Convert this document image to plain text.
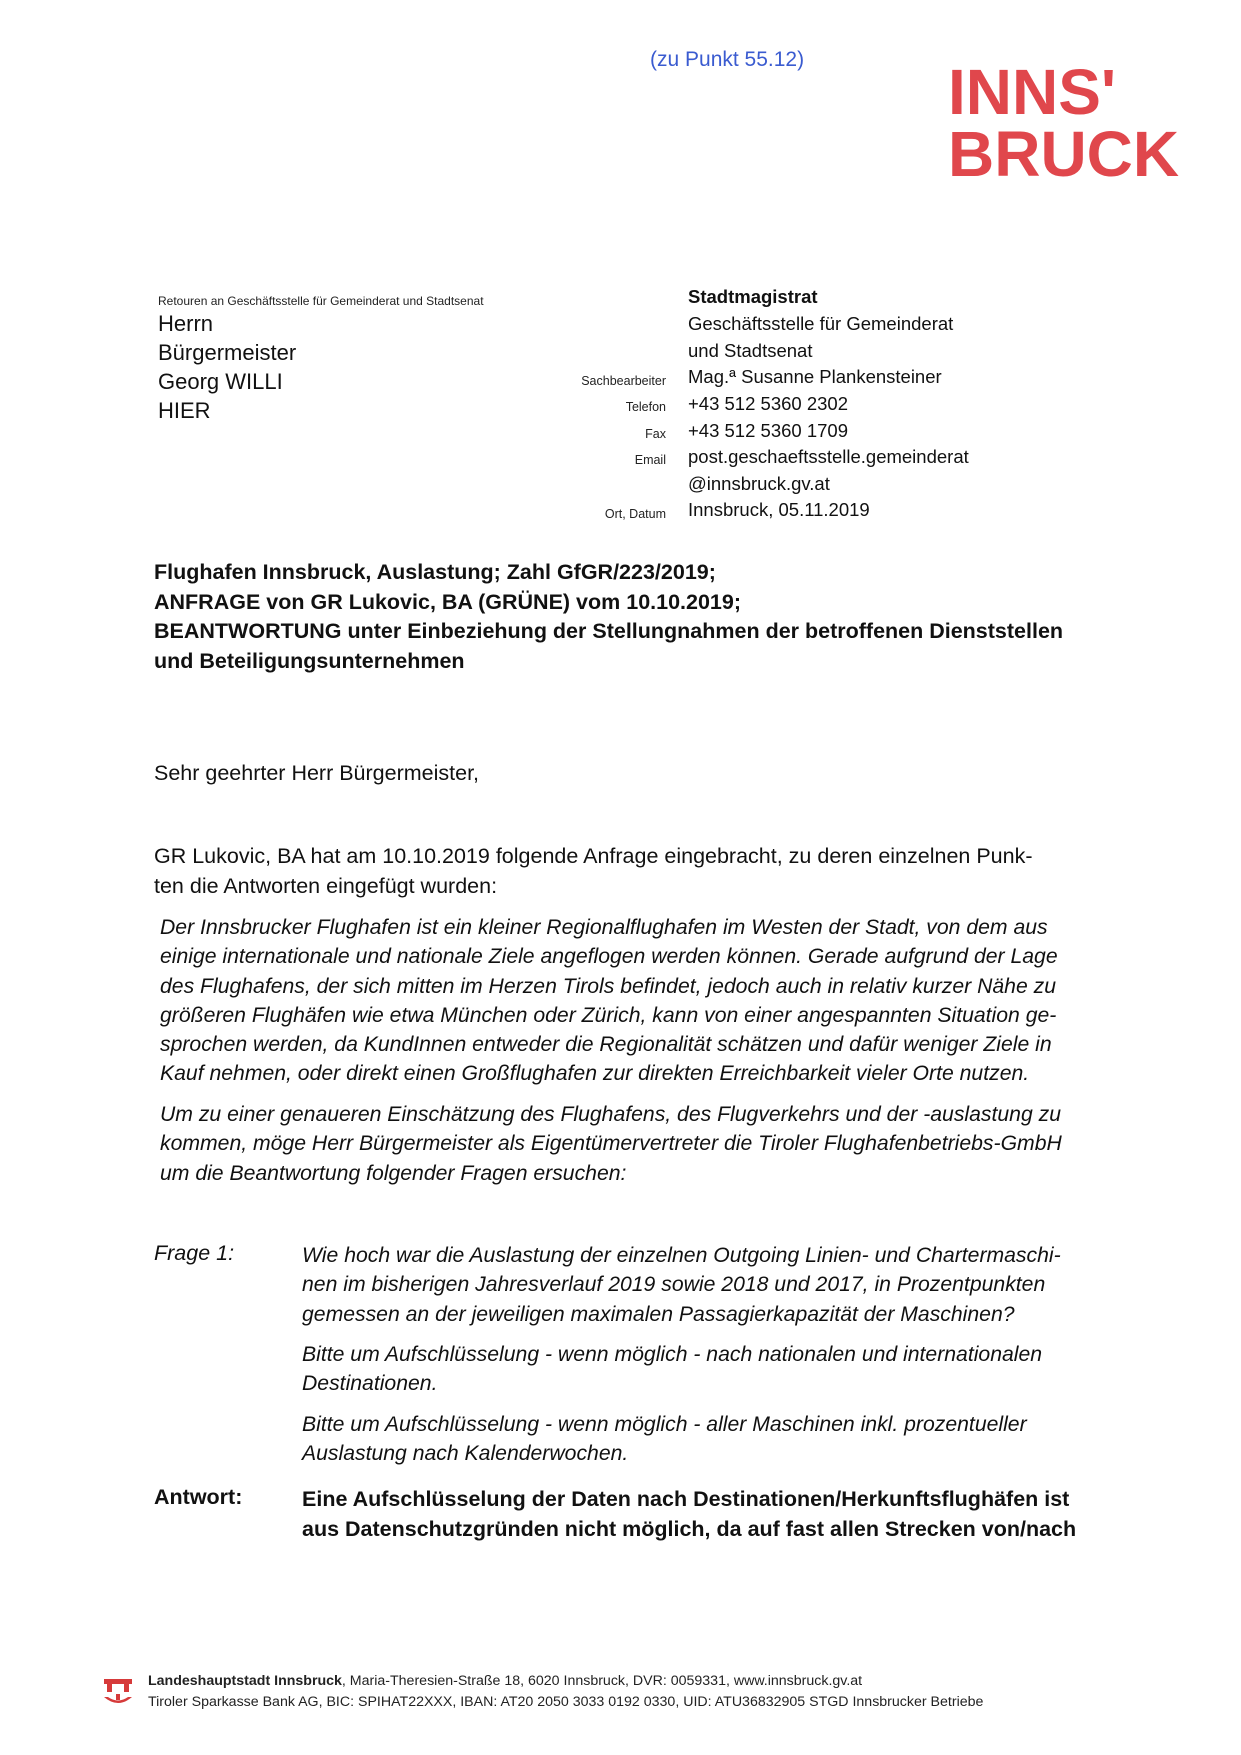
(zu Punkt 55.12) INNS'
BRUCK
Retouren an Geschäftsstelle für Gemeinderat und Stadtsenat
Herrn
Bürgermeister
Georg WILLI
HIER
Stadtmagistrat
Geschäftsstelle für Gemeinderat
und Stadtsenat
Sachbearbeiter Mag.ª Susanne Plankensteiner
Telefon +43 512 5360 2302
Fax +43 512 5360 1709
Email post.geschaeftsstelle.gemeinderat
@innsbruck.gv.at
Ort, Datum Innsbruck, 05.11.2019
Flughafen Innsbruck, Auslastung; Zahl GfGR/223/2019;
ANFRAGE von GR Lukovic, BA (GRÜNE) vom 10.10.2019;
BEANTWORTUNG unter Einbeziehung der Stellungnahmen der betroffenen Dienststellen
und Beteiligungsunternehmen
Sehr geehrter Herr Bürgermeister,
GR Lukovic, BA hat am 10.10.2019 folgende Anfrage eingebracht, zu deren einzelnen Punk-
ten die Antworten eingefügt wurden:
Der Innsbrucker Flughafen ist ein kleiner Regionalflughafen im Westen der Stadt, von dem aus
einige internationale und nationale Ziele angeflogen werden können. Gerade aufgrund der Lage
des Flughafens, der sich mitten im Herzen Tirols befindet, jedoch auch in relativ kurzer Nähe zu
größeren Flughäfen wie etwa München oder Zürich, kann von einer angespannten Situation ge-
sprochen werden, da KundInnen entweder die Regionalität schätzen und dafür weniger Ziele in
Kauf nehmen, oder direkt einen Großflughafen zur direkten Erreichbarkeit vieler Orte nutzen.
Um zu einer genaueren Einschätzung des Flughafens, des Flugverkehrs und der -auslastung zu
kommen, möge Herr Bürgermeister als Eigentümervertreter die Tiroler Flughafenbetriebs-GmbH
um die Beantwortung folgender Fragen ersuchen:
Frage 1:	Wie hoch war die Auslastung der einzelnen Outgoing Linien- und Chartermaschi-
nen im bisherigen Jahresverlauf 2019 sowie 2018 und 2017, in Prozentpunkten
gemessen an der jeweiligen maximalen Passagierkapazität der Maschinen?
Bitte um Aufschlüsselung - wenn möglich - nach nationalen und internationalen
Destinationen.
Bitte um Aufschlüsselung - wenn möglich - aller Maschinen inkl. prozentueller
Auslastung nach Kalenderwochen.
Antwort:	Eine Aufschlüsselung der Daten nach Destinationen/Herkunftsflughäfen ist
aus Datenschutzgründen nicht möglich, da auf fast allen Strecken von/nach
Landeshauptstadt Innsbruck, Maria-Theresien-Straße 18, 6020 Innsbruck, DVR: 0059331, www.innsbruck.gv.at
Tiroler Sparkasse Bank AG, BIC: SPIHAT22XXX, IBAN: AT20 2050 3033 0192 0330, UID: ATU36832905 STGD Innsbrucker Betriebe
